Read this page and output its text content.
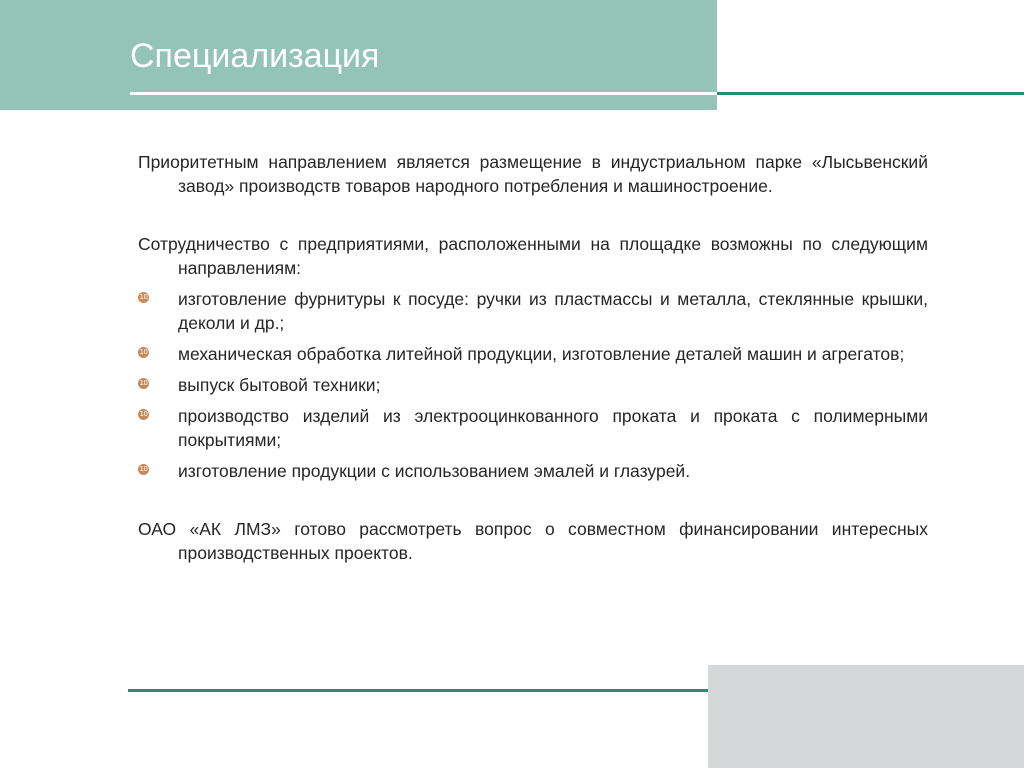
Специализация

Приоритетным направлением является размещение в индустриальном парке «Лысьвенский завод» производств товаров народного потребления и машиностроение.

Сотрудничество с предприятиями, расположенными на площадке возможны по следующим направлениям:

10 изготовление фурнитуры к посуде: ручки из пластмассы и металла, стеклянные крышки, деколи и др.;
10 механическая обработка литейной продукции, изготовление деталей машин и агрегатов;
10 выпуск бытовой техники;
10 производство изделий из электрооцинкованного проката и проката с полимерными покрытиями;
10 изготовление продукции с использованием эмалей и глазурей.

ОАО «АК ЛМЗ» готово рассмотреть вопрос о совместном финансировании интересных производственных проектов.
